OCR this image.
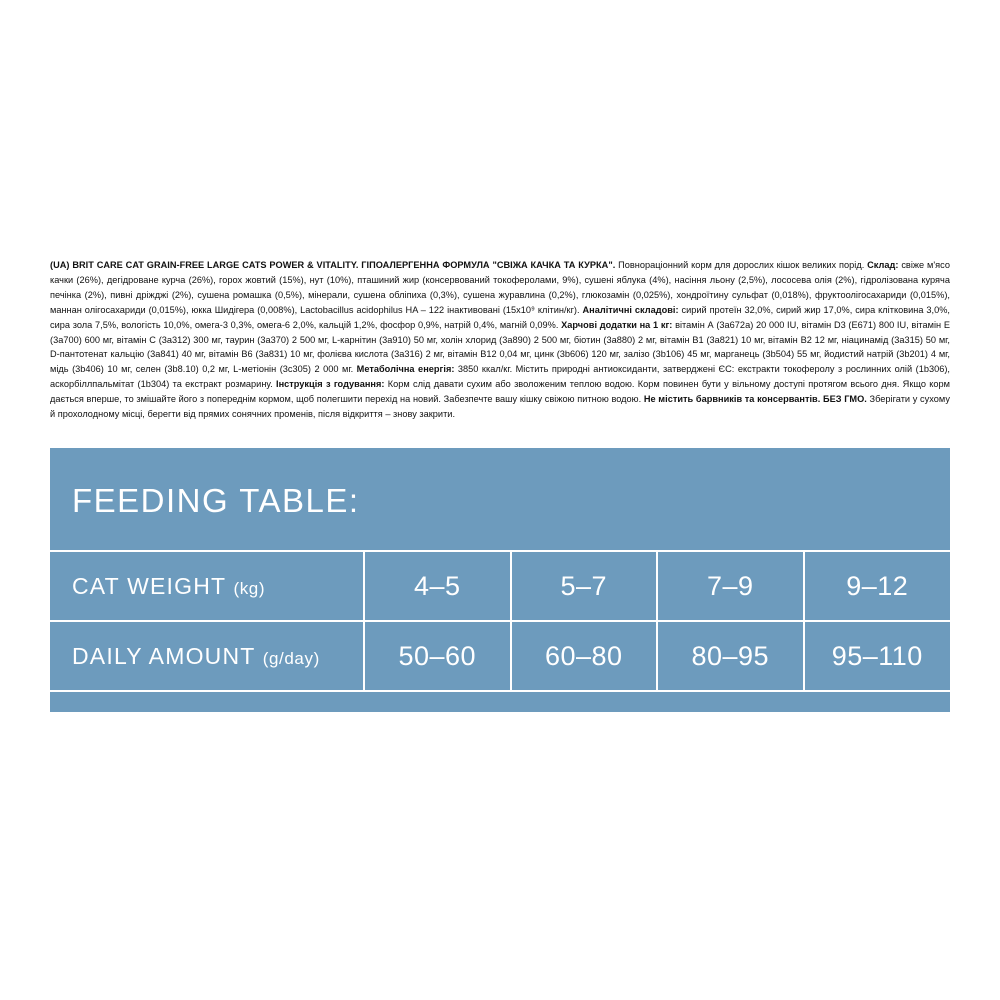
(UA) BRIT CARE CAT GRAIN-FREE LARGE CATS POWER & VITALITY. ГІПОАЛЕРГЕННА ФОРМУЛА "СВІЖА КАЧКА ТА КУРКА". Повнораціонний корм для дорослих кішок великих порід. Склад: свіже м'ясо качки (26%), дегідроване курча (26%), горох жовтий (15%), нут (10%), пташиний жир (консервований токоферолами, 9%), сушені яблука (4%), насіння льону (2,5%), лососева олія (2%), гідролізована куряча печінка (2%), пивні дріжджі (2%), сушена ромашка (0,5%), мінерали, сушена обліпиха (0,3%), сушена журавлина (0,2%), глюкозамін (0,025%), хондроїтину сульфат (0,018%), фруктоолігосахариди (0,015%), маннан олігосахариди (0,015%), юкка Шидігера (0,008%), Lactobacillus acidophilus HA – 122 інактивовані (15x10⁹ клітин/кг). Аналітичні складові: сирий протеїн 32,0%, сирий жир 17,0%, сира клітковина 3,0%, сира зола 7,5%, вологість 10,0%, омега-3 0,3%, омега-6 2,0%, кальцій 1,2%, фосфор 0,9%, натрій 0,4%, магній 0,09%. Харчові додатки на 1 кг: вітамін А (3а672а) 20 000 IU, вітамін D3 (Е671) 800 IU, вітамін Е (3а700) 600 мг, вітамін С (3а312) 300 мг, таурин (3а370) 2 500 мг, L-карнітин (3а910) 50 мг, холін хлорид (3а890) 2 500 мг, біотин (3а880) 2 мг, вітамін В1 (3а821) 10 мг, вітамін В2 12 мг, ніацинамід (3а315) 50 мг, D-пантотенат кальцію (3а841) 40 мг, вітамін В6 (3а831) 10 мг, фолієва кислота (3а316) 2 мг, вітамін В12 0,04 мг, цинк (3b606) 120 мг, залізо (3b106) 45 мг, марганець (3b504) 55 мг, йодистий натрій (3b201) 4 мг, мідь (3b406) 10 мг, селен (3b8.10) 0,2 мг, L-метіонін (3с305) 2 000 мг. Метаболічна енергія: 3850 ккал/кг. Містить природні антиоксиданти, затверджені ЄС: екстракти токоферолу з рослинних олій (1b306), аскорбіллпальмітат (1b304) та екстракт розмарину. Інструкція з годування: Корм слід давати сухим або зволоженим теплою водою. Корм повинен бути у вільному доступі протягом всього дня. Якщо корм дається вперше, то змішайте його з попереднім кормом, щоб полегшити перехід на новий. Забезпечте вашу кішку свіжою питною водою. Не містить барвників та консервантів. БЕЗ ГМО. Зберігати у сухому й прохолодному місці, берегти від прямих сонячних променів, після відкриття – знову закрити.

FEEDING TABLE:
CAT WEIGHT (kg)	4–5	5–7	7–9	9–12
DAILY AMOUNT (g/day)	50–60	60–80	80–95	95–110
